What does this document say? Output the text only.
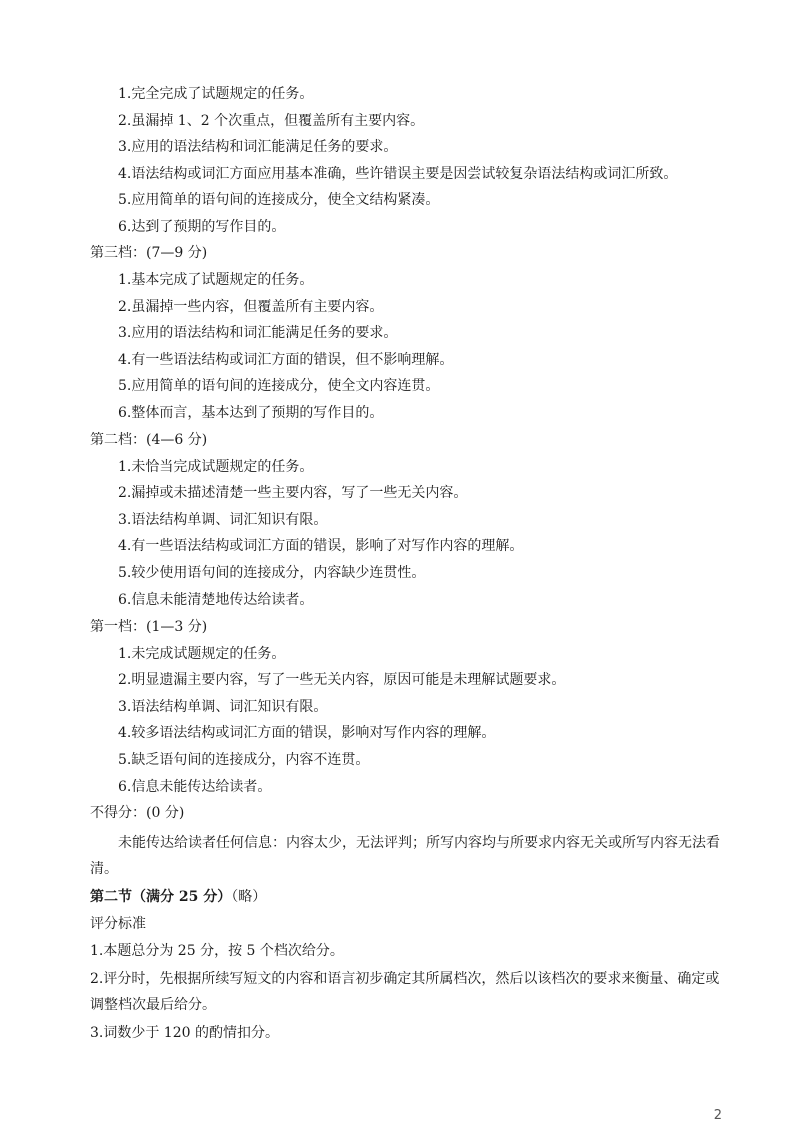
1.完全完成了试题规定的任务。
2.虽漏掉 1、2 个次重点，但覆盖所有主要内容。
3.应用的语法结构和词汇能满足任务的要求。
4.语法结构或词汇方面应用基本准确，些许错误主要是因尝试较复杂语法结构或词汇所致。
5.应用简单的语句间的连接成分，使全文结构紧凑。
6.达到了预期的写作目的。
第三档：(7—9 分)
1.基本完成了试题规定的任务。
2.虽漏掉一些内容，但覆盖所有主要内容。
3.应用的语法结构和词汇能满足任务的要求。
4.有一些语法结构或词汇方面的错误，但不影响理解。
5.应用简单的语句间的连接成分，使全文内容连贯。
6.整体而言，基本达到了预期的写作目的。
第二档：(4—6 分)
1.未恰当完成试题规定的任务。
2.漏掉或未描述清楚一些主要内容，写了一些无关内容。
3.语法结构单调、词汇知识有限。
4.有一些语法结构或词汇方面的错误，影响了对写作内容的理解。
5.较少使用语句间的连接成分，内容缺少连贯性。
6.信息未能清楚地传达给读者。
第一档：(1—3 分)
1.未完成试题规定的任务。
2.明显遗漏主要内容，写了一些无关内容，原因可能是未理解试题要求。
3.语法结构单调、词汇知识有限。
4.较多语法结构或词汇方面的错误，影响对写作内容的理解。
5.缺乏语句间的连接成分，内容不连贯。
6.信息未能传达给读者。
不得分：(0 分)
未能传达给读者任何信息：内容太少，无法评判；所写内容均与所要求内容无关或所写内容无法看清。
第二节（满分 25 分）（略）
评分标准
1.本题总分为 25 分，按 5 个档次给分。
2.评分时，先根据所续写短文的内容和语言初步确定其所属档次，然后以该档次的要求来衡量、确定或调整档次最后给分。
3.词数少于 120 的酌情扣分。
2
